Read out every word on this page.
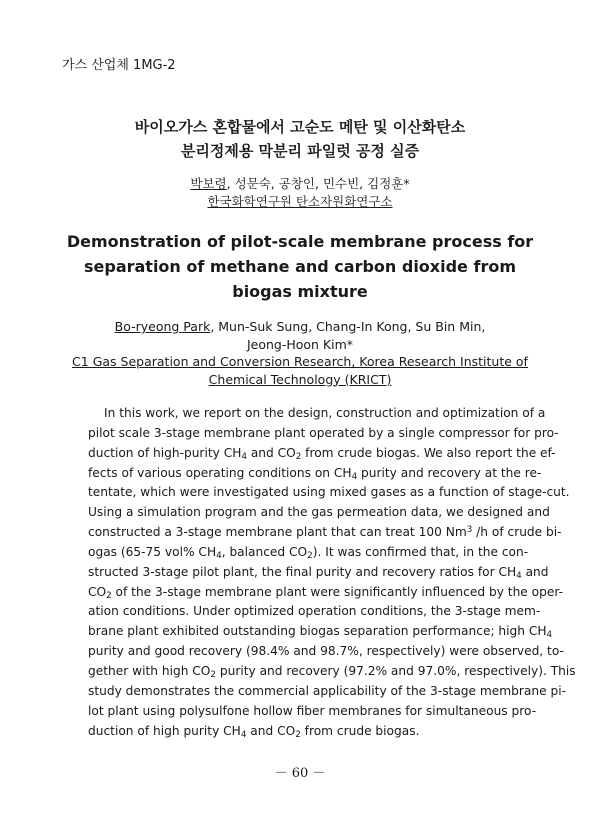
가스 산업체 1MG-2
바이오가스 혼합물에서 고순도 메탄 및 이산화탄소
분리정제용 막분리 파일럿 공정 실증
박보령, 성문숙, 공창인, 민수빈, 김정훈*
한국화학연구원 탄소자원화연구소
Demonstration of pilot-scale membrane process for
separation of methane and carbon dioxide from
biogas mixture
Bo-ryeong Park, Mun-Suk Sung, Chang-In Kong, Su Bin Min,
Jeong-Hoon Kim*
C1 Gas Separation and Conversion Research, Korea Research Institute of
Chemical Technology (KRICT)
In this work, we report on the design, construction and optimization of a
pilot scale 3-stage membrane plant operated by a single compressor for pro-
duction of high-purity $CH_4$ and $CO_2$ from crude biogas. We also report the ef-
fects of various operating conditions on $CH_4$ purity and recovery at the re-
tentate, which were investigated using mixed gases as a function of stage-cut.
Using a simulation program and the gas permeation data, we designed and
constructed a 3-stage membrane plant that can treat 100 Nm$^3$ /h of crude bi-
ogas (65-75 vol% $CH_4$, balanced $CO_2$). It was confirmed that, in the con-
structed 3-stage pilot plant, the final purity and recovery ratios for $CH_4$ and
$CO_2$ of the 3-stage membrane plant were significantly influenced by the oper-
ation conditions. Under optimized operation conditions, the 3-stage mem-
brane plant exhibited outstanding biogas separation performance; high $CH_4$
purity and good recovery (98.4% and 98.7%, respectively) were observed, to-
gether with high $CO_2$ purity and recovery (97.2% and 97.0%, respectively). This
study demonstrates the commercial applicability of the 3-stage membrane pi-
lot plant using polysulfone hollow fiber membranes for simultaneous pro-
duction of high purity $CH_4$ and $CO_2$ from crude biogas.
－ 60 －
